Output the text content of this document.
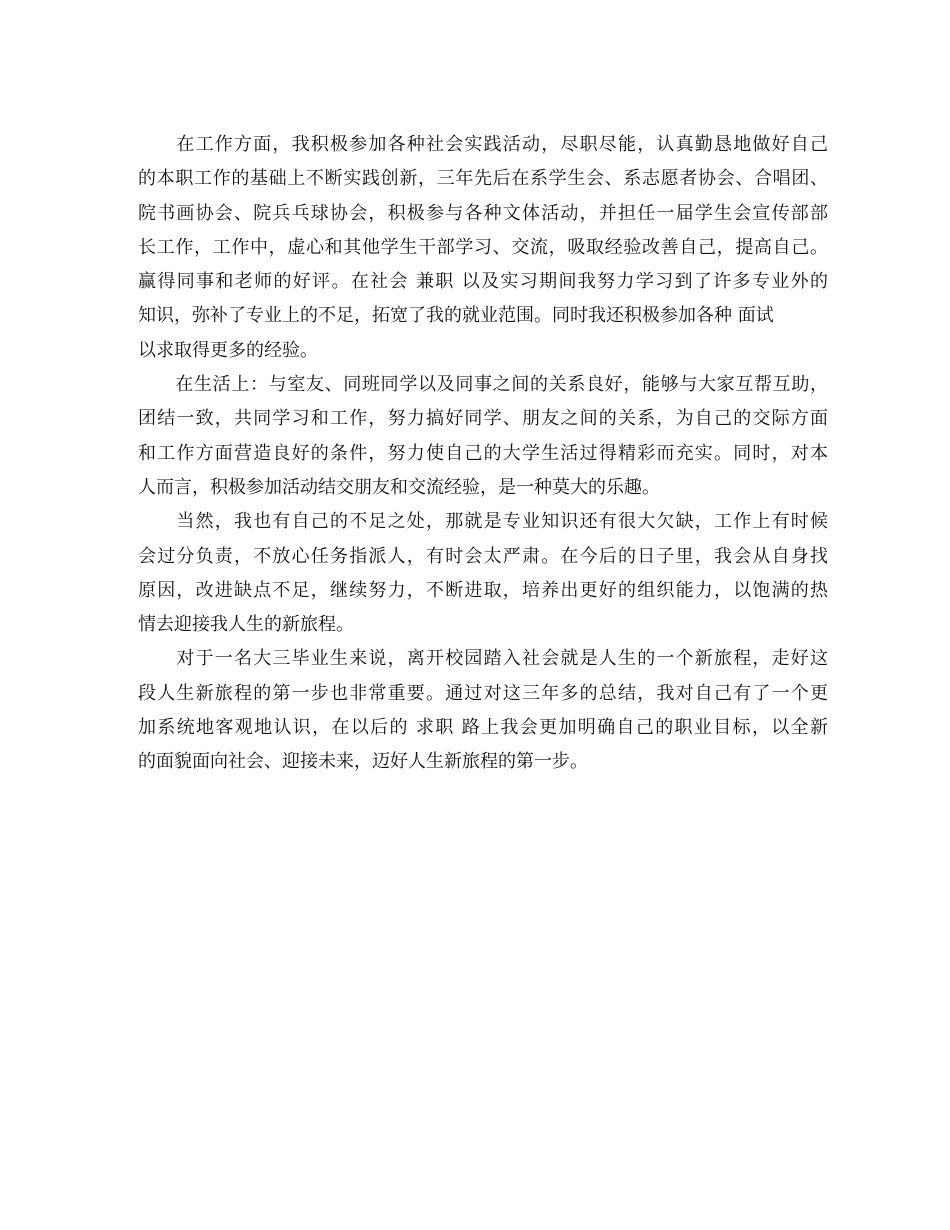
　　在工作方面，我积极参加各种社会实践活动，尽职尽能，认真勤恳地做好自己
的本职工作的基础上不断实践创新，三年先后在系学生会、系志愿者协会、合唱团、
院书画协会、院兵乓球协会，积极参与各种文体活动，并担任一届学生会宣传部部
长工作，工作中，虚心和其他学生干部学习、交流，吸取经验改善自己，提高自己。
赢得同事和老师的好评。在社会 兼职 以及实习期间我努力学习到了许多专业外的
知识，弥补了专业上的不足，拓宽了我的就业范围。同时我还积极参加各种 面试
以求取得更多的经验。
　　在生活上：与室友、同班同学以及同事之间的关系良好，能够与大家互帮互助，
团结一致，共同学习和工作，努力搞好同学、朋友之间的关系，为自己的交际方面
和工作方面营造良好的条件，努力使自己的大学生活过得精彩而充实。同时，对本
人而言，积极参加活动结交朋友和交流经验，是一种莫大的乐趣。
　　当然，我也有自己的不足之处，那就是专业知识还有很大欠缺，工作上有时候
会过分负责，不放心任务指派人，有时会太严肃。在今后的日子里，我会从自身找
原因，改进缺点不足，继续努力，不断进取，培养出更好的组织能力，以饱满的热
情去迎接我人生的新旅程。
　　对于一名大三毕业生来说，离开校园踏入社会就是人生的一个新旅程，走好这
段人生新旅程的第一步也非常重要。通过对这三年多的总结，我对自己有了一个更
加系统地客观地认识，在以后的 求职 路上我会更加明确自己的职业目标，以全新
的面貌面向社会、迎接未来，迈好人生新旅程的第一步。
